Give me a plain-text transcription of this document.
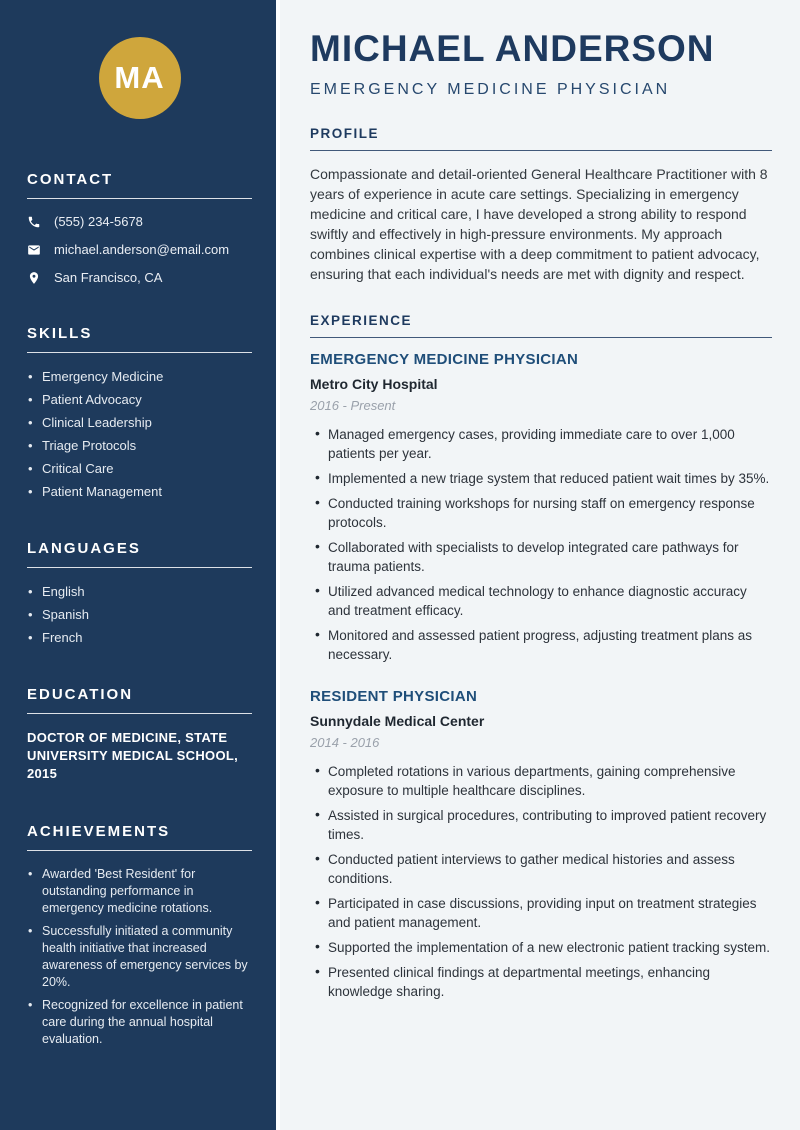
MA
CONTACT
(555) 234-5678
michael.anderson@email.com
San Francisco, CA
SKILLS
• Emergency Medicine
• Patient Advocacy
• Clinical Leadership
• Triage Protocols
• Critical Care
• Patient Management
LANGUAGES
• English
• Spanish
• French
EDUCATION

DOCTOR OF MEDICINE, STATE UNIVERSITY MEDICAL SCHOOL, 2015

ACHIEVEMENTS
• Awarded 'Best Resident' for outstanding performance in emergency medicine rotations.
• Successfully initiated a community health initiative that increased awareness of emergency services by 20%.
• Recognized for excellence in patient care during the annual hospital evaluation.
MICHAEL ANDERSON
EMERGENCY MEDICINE PHYSICIAN
PROFILE

Compassionate and detail-oriented General Healthcare Practitioner with 8 years of experience in acute care settings. Specializing in emergency medicine and critical care, I have developed a strong ability to respond swiftly and effectively in high-pressure environments. My approach combines clinical expertise with a deep commitment to patient advocacy, ensuring that each individual's needs are met with dignity and respect.

EXPERIENCE
EMERGENCY MEDICINE PHYSICIAN
Metro City Hospital
2016 - Present
• Managed emergency cases, providing immediate care to over 1,000 patients per year.
• Implemented a new triage system that reduced patient wait times by 35%.
• Conducted training workshops for nursing staff on emergency response protocols.
• Collaborated with specialists to develop integrated care pathways for trauma patients.
• Utilized advanced medical technology to enhance diagnostic accuracy and treatment efficacy.
• Monitored and assessed patient progress, adjusting treatment plans as necessary.
RESIDENT PHYSICIAN
Sunnydale Medical Center
2014 - 2016
• Completed rotations in various departments, gaining comprehensive exposure to multiple healthcare disciplines.
• Assisted in surgical procedures, contributing to improved patient recovery times.
• Conducted patient interviews to gather medical histories and assess conditions.
• Participated in case discussions, providing input on treatment strategies and patient management.
• Supported the implementation of a new electronic patient tracking system.
• Presented clinical findings at departmental meetings, enhancing knowledge sharing.
